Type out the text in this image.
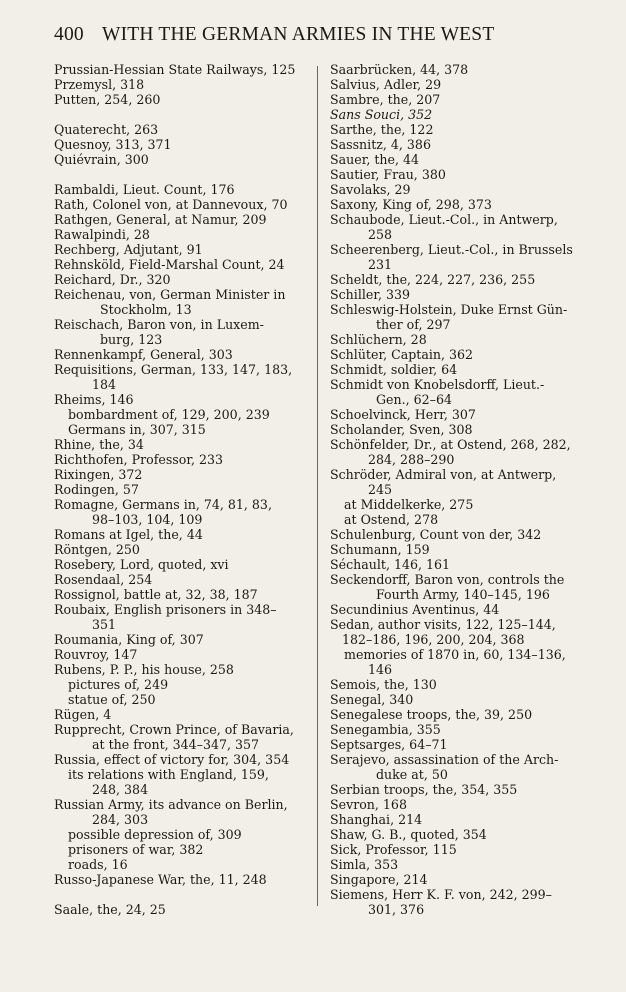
400 WITH THE GERMAN ARMIES IN THE WEST
Prussian-Hessian State Railways, 125
Przemysl, 318
Putten, 254, 260
Quaterecht, 263
Quesnoy, 313, 371
Quiévrain, 300
Rambaldi, Lieut. Count, 176
Rath, Colonel von, at Dannevoux, 70
Rathgen, General, at Namur, 209
Rawalpindi, 28
Rechberg, Adjutant, 91
Rehnsköld, Field-Marshal Count, 24
Reichard, Dr., 320
Reichenau, von, German Minister in
Stockholm, 13
Reischach, Baron von, in Luxem-
burg, 123
Rennenkampf, General, 303
Requisitions, German, 133, 147, 183,
184
Rheims, 146
bombardment of, 129, 200, 239
Germans in, 307, 315
Rhine, the, 34
Richthofen, Professor, 233
Rixingen, 372
Rodingen, 57
Romagne, Germans in, 74, 81, 83,
98–103, 104, 109
Romans at Igel, the, 44
Röntgen, 250
Rosebery, Lord, quoted, xvi
Rosendaal, 254
Rossignol, battle at, 32, 38, 187
Roubaix, English prisoners in 348–
351
Roumania, King of, 307
Rouvroy, 147
Rubens, P. P., his house, 258
pictures of, 249
statue of, 250
Rügen, 4
Rupprecht, Crown Prince, of Bavaria,
at the front, 344–347, 357
Russia, effect of victory for, 304, 354
its relations with England, 159,
248, 384
Russian Army, its advance on Berlin,
284, 303
possible depression of, 309
prisoners of war, 382
roads, 16
Russo-Japanese War, the, 11, 248
Saale, the, 24, 25
Saarbrücken, 44, 378
Salvius, Adler, 29
Sambre, the, 207
Sans Souci, 352
Sarthe, the, 122
Sassnitz, 4, 386
Sauer, the, 44
Sautier, Frau, 380
Savolaks, 29
Saxony, King of, 298, 373
Schaubode, Lieut.-Col., in Antwerp,
258
Scheerenberg, Lieut.-Col., in Brussels
231
Scheldt, the, 224, 227, 236, 255
Schiller, 339
Schleswig-Holstein, Duke Ernst Gün-
ther of, 297
Schlüchern, 28
Schlüter, Captain, 362
Schmidt, soldier, 64
Schmidt von Knobelsdorff, Lieut.-
Gen., 62–64
Schoelvinck, Herr, 307
Scholander, Sven, 308
Schönfelder, Dr., at Ostend, 268, 282,
284, 288–290
Schröder, Admiral von, at Antwerp,
245
at Middelkerke, 275
at Ostend, 278
Schulenburg, Count von der, 342
Schumann, 159
Séchault, 146, 161
Seckendorff, Baron von, controls the
Fourth Army, 140–145, 196
Secundinius Aventinus, 44
Sedan, author visits, 122, 125–144,
182–186, 196, 200, 204, 368
memories of 1870 in, 60, 134–136,
146
Semois, the, 130
Senegal, 340
Senegalese troops, the, 39, 250
Senegambia, 355
Septsarges, 64–71
Serajevo, assassination of the Arch-
duke at, 50
Serbian troops, the, 354, 355
Sevron, 168
Shanghai, 214
Shaw, G. B., quoted, 354
Sick, Professor, 115
Simla, 353
Singapore, 214
Siemens, Herr K. F. von, 242, 299–
301, 376
